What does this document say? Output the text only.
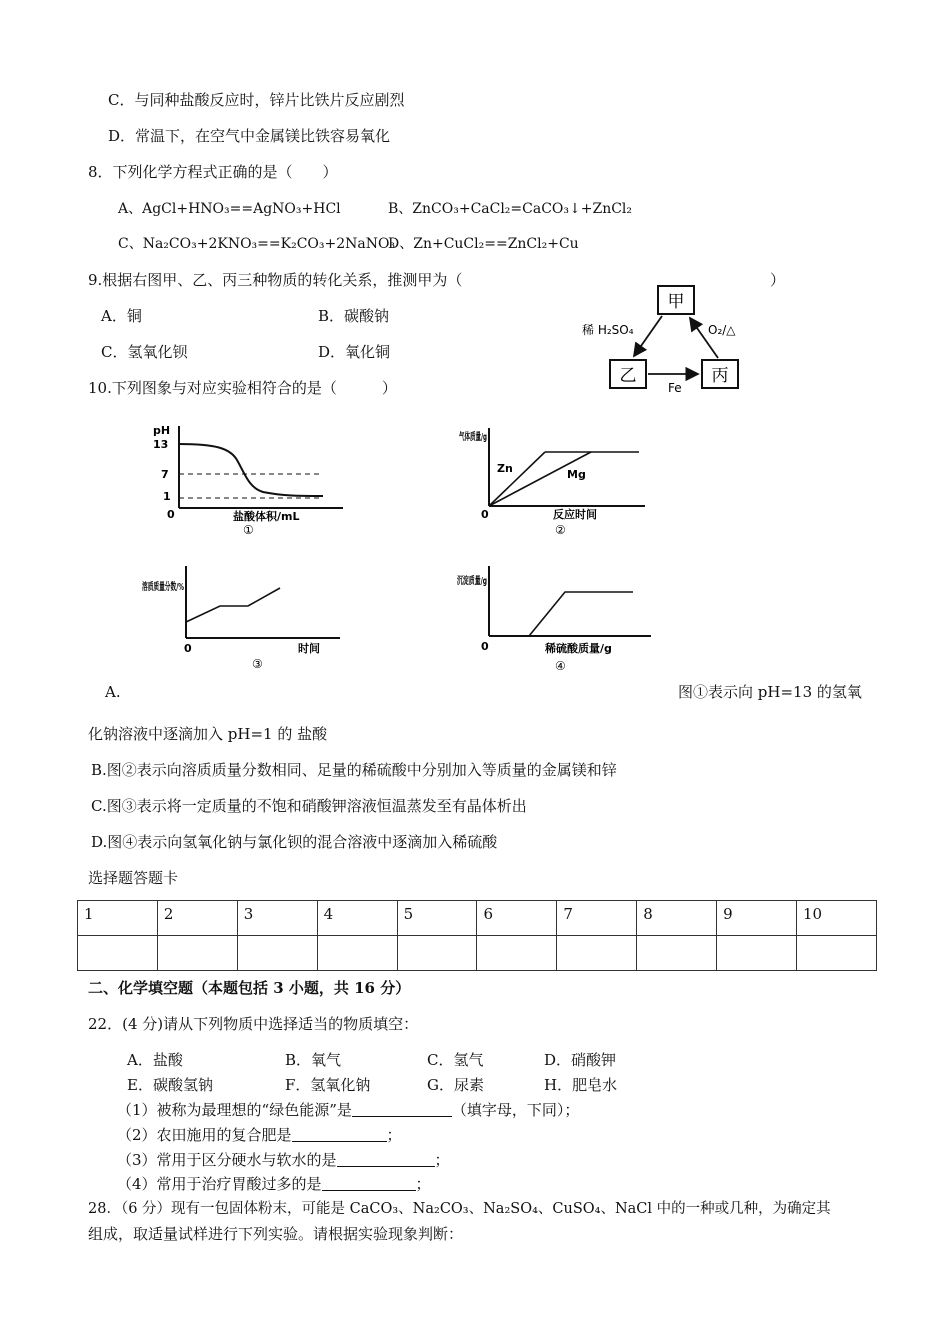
C．与同种盐酸反应时，锌片比铁片反应剧烈
D．常温下，在空气中金属镁比铁容易氧化
8．下列化学方程式正确的是（　　）
A、AgCl+HNO₃==AgNO₃+HCl	B、ZnCO₃+CaCl₂=CaCO₃↓+ZnCl₂
C、Na₂CO₃+2KNO₃==K₂CO₃+2NaNO₃
D、Zn+CuCl₂==ZnCl₂+Cu
9.根据右图甲、乙、丙三种物质的转化关系，推测甲为（	）
A．铜	B．碳酸钠
C．氢氧化钡	D．氧化铜
甲
乙	丙
稀 H₂SO₄	O₂/△
Fe
10.下列图象与对应实验相符合的是（　　　）
pH
13
7
1
0	盐酸体积/mL
①
气体质量/g
0
Zn	Mg
反应时间
②
溶质质量分数/%
0	时间
③
沉淀质量/g
0	稀硫酸质量/g
④
A.	图①表示向 pH=13 的氢氧
化钠溶液中逐滴加入 pH=1 的 盐酸
B.图②表示向溶质质量分数相同、足量的稀硫酸中分别加入等质量的金属镁和锌
C.图③表示将一定质量的不饱和硝酸钾溶液恒温蒸发至有晶体析出
D.图④表示向氢氧化钠与氯化钡的混合溶液中逐滴加入稀硫酸
选择题答题卡
1	2	3	4	5	6	7	8	9	10

二、化学填空题（本题包括 3 小题，共 16 分）
22．(4 分)请从下列物质中选择适当的物质填空：
A．盐酸	B．氧气	C．氢气	D．硝酸钾
E．碳酸氢钠	F．氢氧化钠	G．尿素	H．肥皂水
（1）被称为最理想的“绿色能源”是	（填字母，下同）；
（2）农田施用的复合肥是	；
（3）常用于区分硬水与软水的是	；
（4）常用于治疗胃酸过多的是	；
28．（6 分）现有一包固体粉末，可能是 CaCO₃、Na₂CO₃、Na₂SO₄、CuSO₄、NaCl 中的一种或几种，为确定其
组成，取适量试样进行下列实验。请根据实验现象判断：
